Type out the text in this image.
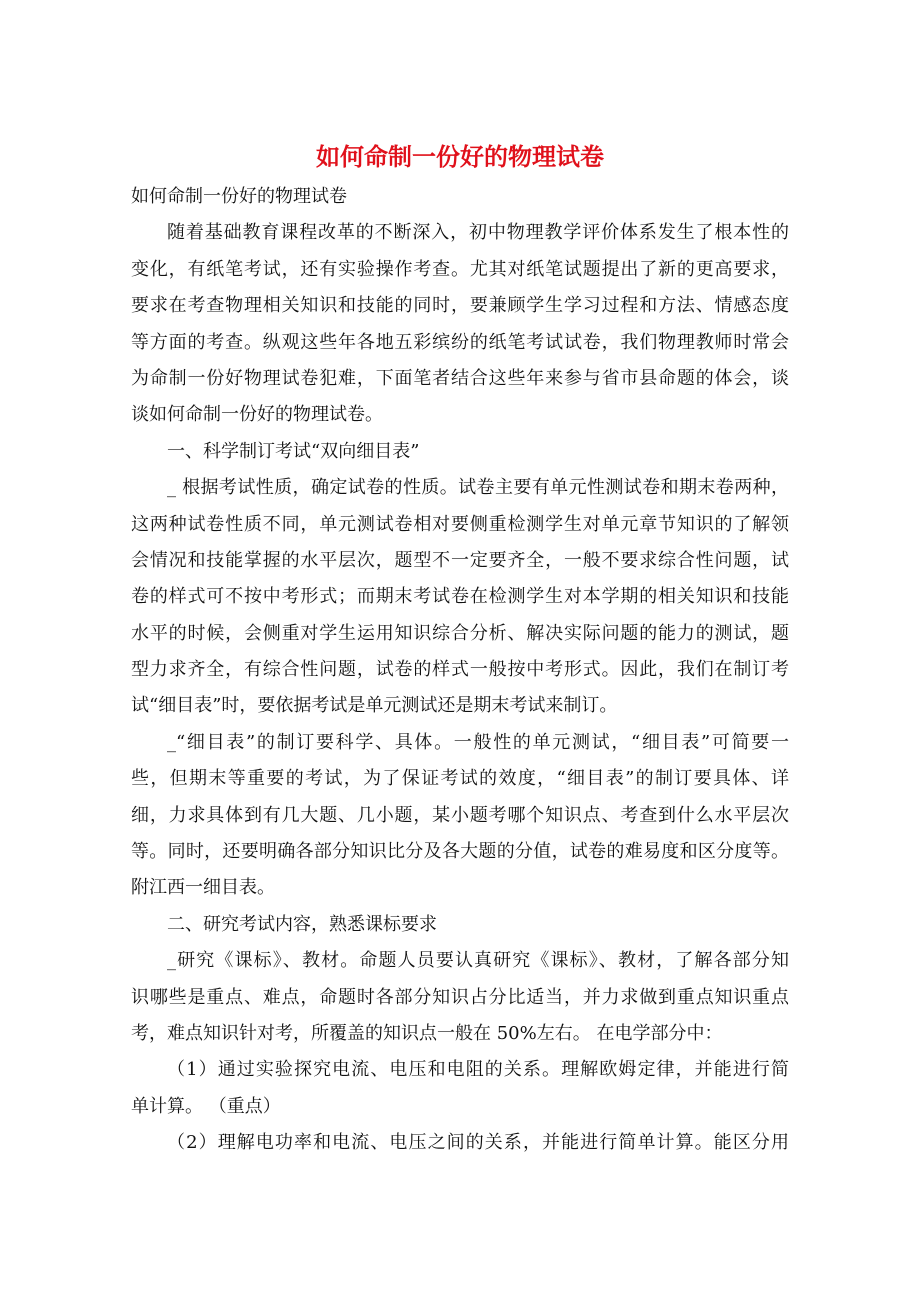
如何命制一份好的物理试卷
如何命制一份好的物理试卷
随着基础教育课程改革的不断深入，初中物理教学评价体系发生了根本性的
变化，有纸笔考试，还有实验操作考查。尤其对纸笔试题提出了新的更高要求，
要求在考查物理相关知识和技能的同时，要兼顾学生学习过程和方法、情感态度
等方面的考查。纵观这些年各地五彩缤纷的纸笔考试试卷，我们物理教师时常会
为命制一份好物理试卷犯难，下面笔者结合这些年来参与省市县命题的体会，谈
谈如何命制一份好的物理试卷。
一、科学制订考试“双向细目表”
_ 根据考试性质，确定试卷的性质。试卷主要有单元性测试卷和期末卷两种，
这两种试卷性质不同，单元测试卷相对要侧重检测学生对单元章节知识的了解领
会情况和技能掌握的水平层次，题型不一定要齐全，一般不要求综合性问题，试
卷的样式可不按中考形式；而期末考试卷在检测学生对本学期的相关知识和技能
水平的时候，会侧重对学生运用知识综合分析、解决实际问题的能力的测试，题
型力求齐全，有综合性问题，试卷的样式一般按中考形式。因此，我们在制订考
试“细目表”时，要依据考试是单元测试还是期末考试来制订。
_“细目表”的制订要科学、具体。一般性的单元测试，“细目表”可简要一
些，但期末等重要的考试，为了保证考试的效度，“细目表”的制订要具体、详
细，力求具体到有几大题、几小题，某小题考哪个知识点、考查到什么水平层次
等。同时，还要明确各部分知识比分及各大题的分值，试卷的难易度和区分度等。
附江西一细目表。
二、研究考试内容，熟悉课标要求
_研究《课标》、教材。命题人员要认真研究《课标》、教材，了解各部分知
识哪些是重点、难点，命题时各部分知识占分比适当，并力求做到重点知识重点
考，难点知识针对考，所覆盖的知识点一般在 50%左右。 在电学部分中：
（1）通过实验探究电流、电压和电阻的关系。理解欧姆定律，并能进行简
单计算。 （重点）
（2）理解电功率和电流、电压之间的关系，并能进行简单计算。能区分用
